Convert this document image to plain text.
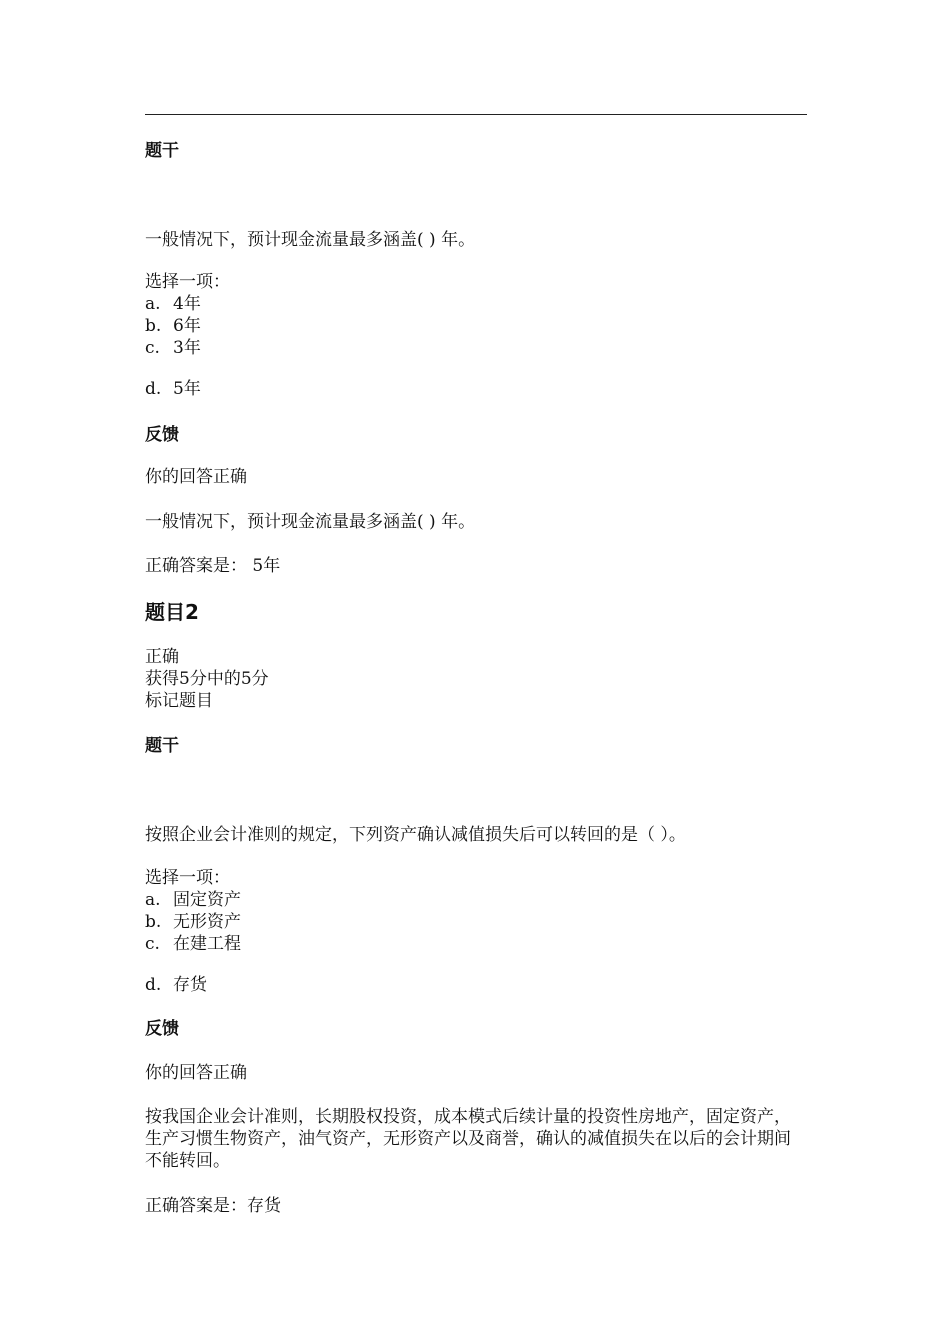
题干
一般情况下，预计现金流量最多涵盖( ) 年。
选择一项：
a. 4年
b. 6年
c. 3年
d. 5年
反馈
你的回答正确
一般情况下，预计现金流量最多涵盖( ) 年。
正确答案是： 5年
题目2
正确
获得5分中的5分
标记题目
题干
按照企业会计准则的规定，下列资产确认减值损失后可以转回的是（ ）。
选择一项：
a. 固定资产
b. 无形资产
c. 在建工程
d. 存货
反馈
你的回答正确
按我国企业会计准则，长期股权投资，成本模式后续计量的投资性房地产，固定资产，生产习惯生物资产，油气资产，无形资产以及商誉，确认的减值损失在以后的会计期间不能转回。
正确答案是：存货
